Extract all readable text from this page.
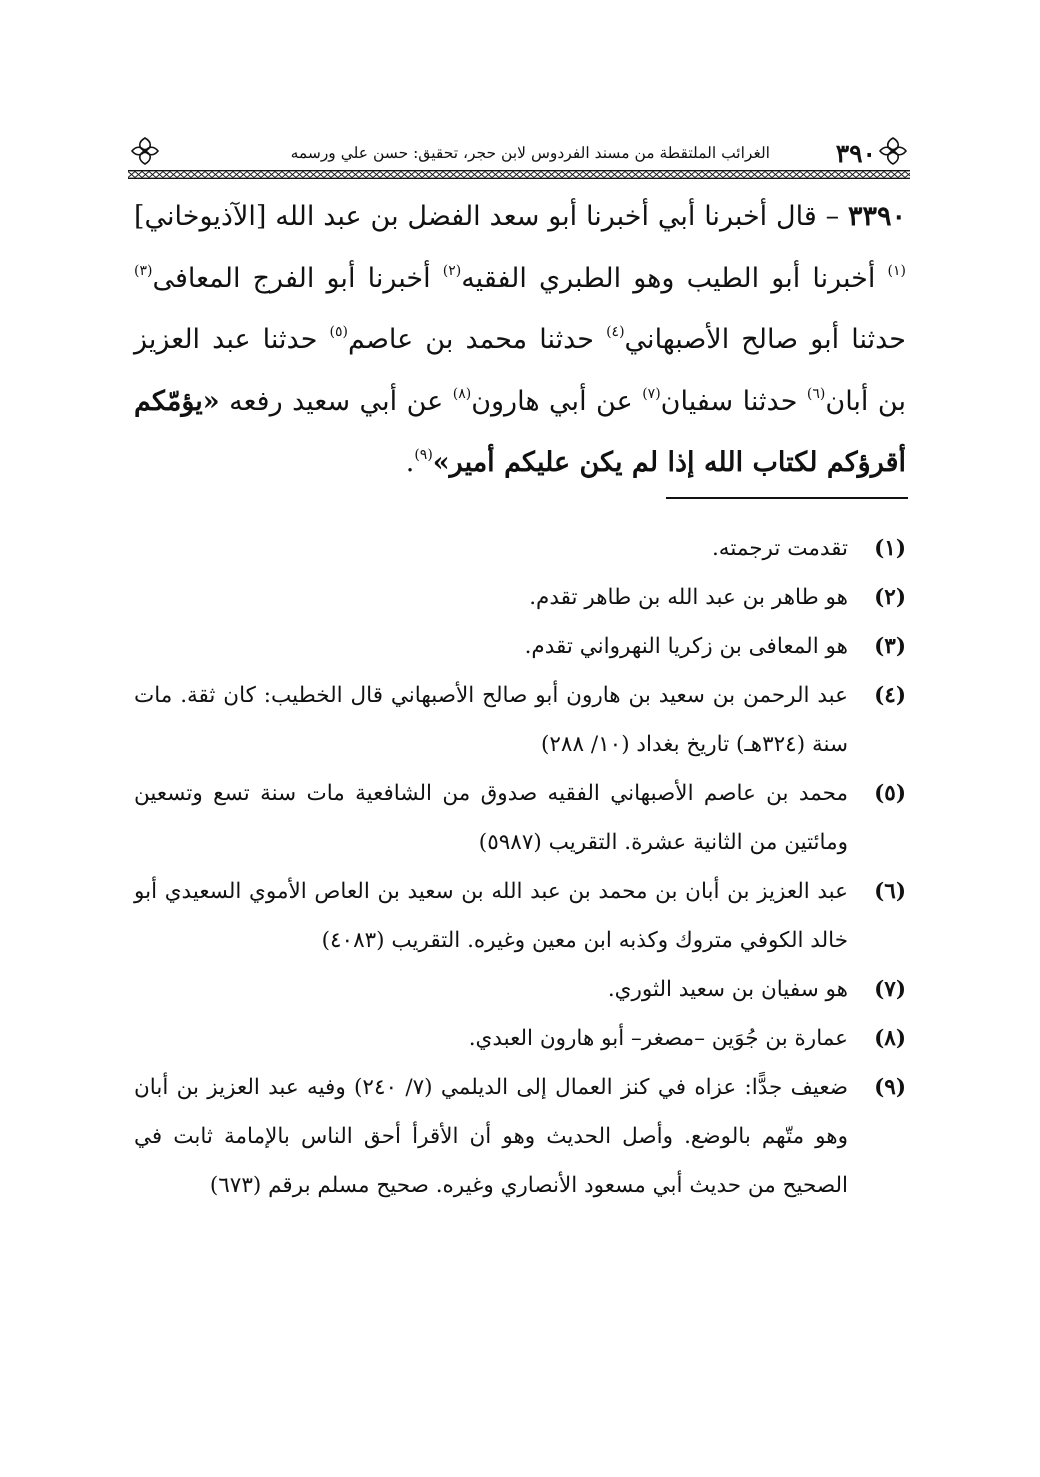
٣٩٠
الغرائب الملتقطة من مسند الفردوس لابن حجر، تحقيق: حسن علي ورسمه

٣٣٩٠ – قال أخبرنا أبي أخبرنا أبو سعد الفضل بن عبد الله [الآذيوخاني]$^{(١)}$ أخبرنا أبو الطيب وهو الطبري الفقيه$^{(٢)}$ أخبرنا أبو الفرج المعافى$^{(٣)}$ حدثنا أبو صالح الأصبهاني$^{(٤)}$ حدثنا محمد بن عاصم$^{(٥)}$ حدثنا عبد العزيز بن أبان$^{(٦)}$ حدثنا سفيان$^{(٧)}$ عن أبي هارون$^{(٨)}$ عن أبي سعيد رفعه «يؤمّكم أقرؤكم لكتاب الله إذا لم يكن عليكم أمير»$^{(٩)}$.

(١)
تقدمت ترجمته.
(٢)
هو طاهر بن عبد الله بن طاهر تقدم.
(٣)
هو المعافى بن زكريا النهرواني تقدم.
(٤)
عبد الرحمن بن سعيد بن هارون أبو صالح الأصبهاني قال الخطيب: كان ثقة. مات سنة (٣٢٤هـ) تاريخ بغداد (١٠/ ٢٨٨)
(٥)
محمد بن عاصم الأصبهاني الفقيه صدوق من الشافعية مات سنة تسع وتسعين ومائتين من الثانية عشرة. التقريب (٥٩٨٧)
(٦)
عبد العزيز بن أبان بن محمد بن عبد الله بن سعيد بن العاص الأموي السعيدي أبو خالد الكوفي متروك وكذبه ابن معين وغيره. التقريب (٤٠٨٣)
(٧)
هو سفيان بن سعيد الثوري.
(٨)
عمارة بن جُوَين –مصغر– أبو هارون العبدي.
(٩)
ضعيف جدًّا: عزاه في كنز العمال إلى الديلمي (٧/ ٢٤٠) وفيه عبد العزيز بن أبان وهو متّهم بالوضع. وأصل الحديث وهو أن الأقرأ أحق الناس بالإمامة ثابت في الصحيح من حديث أبي مسعود الأنصاري وغيره. صحيح مسلم برقم (٦٧٣)
